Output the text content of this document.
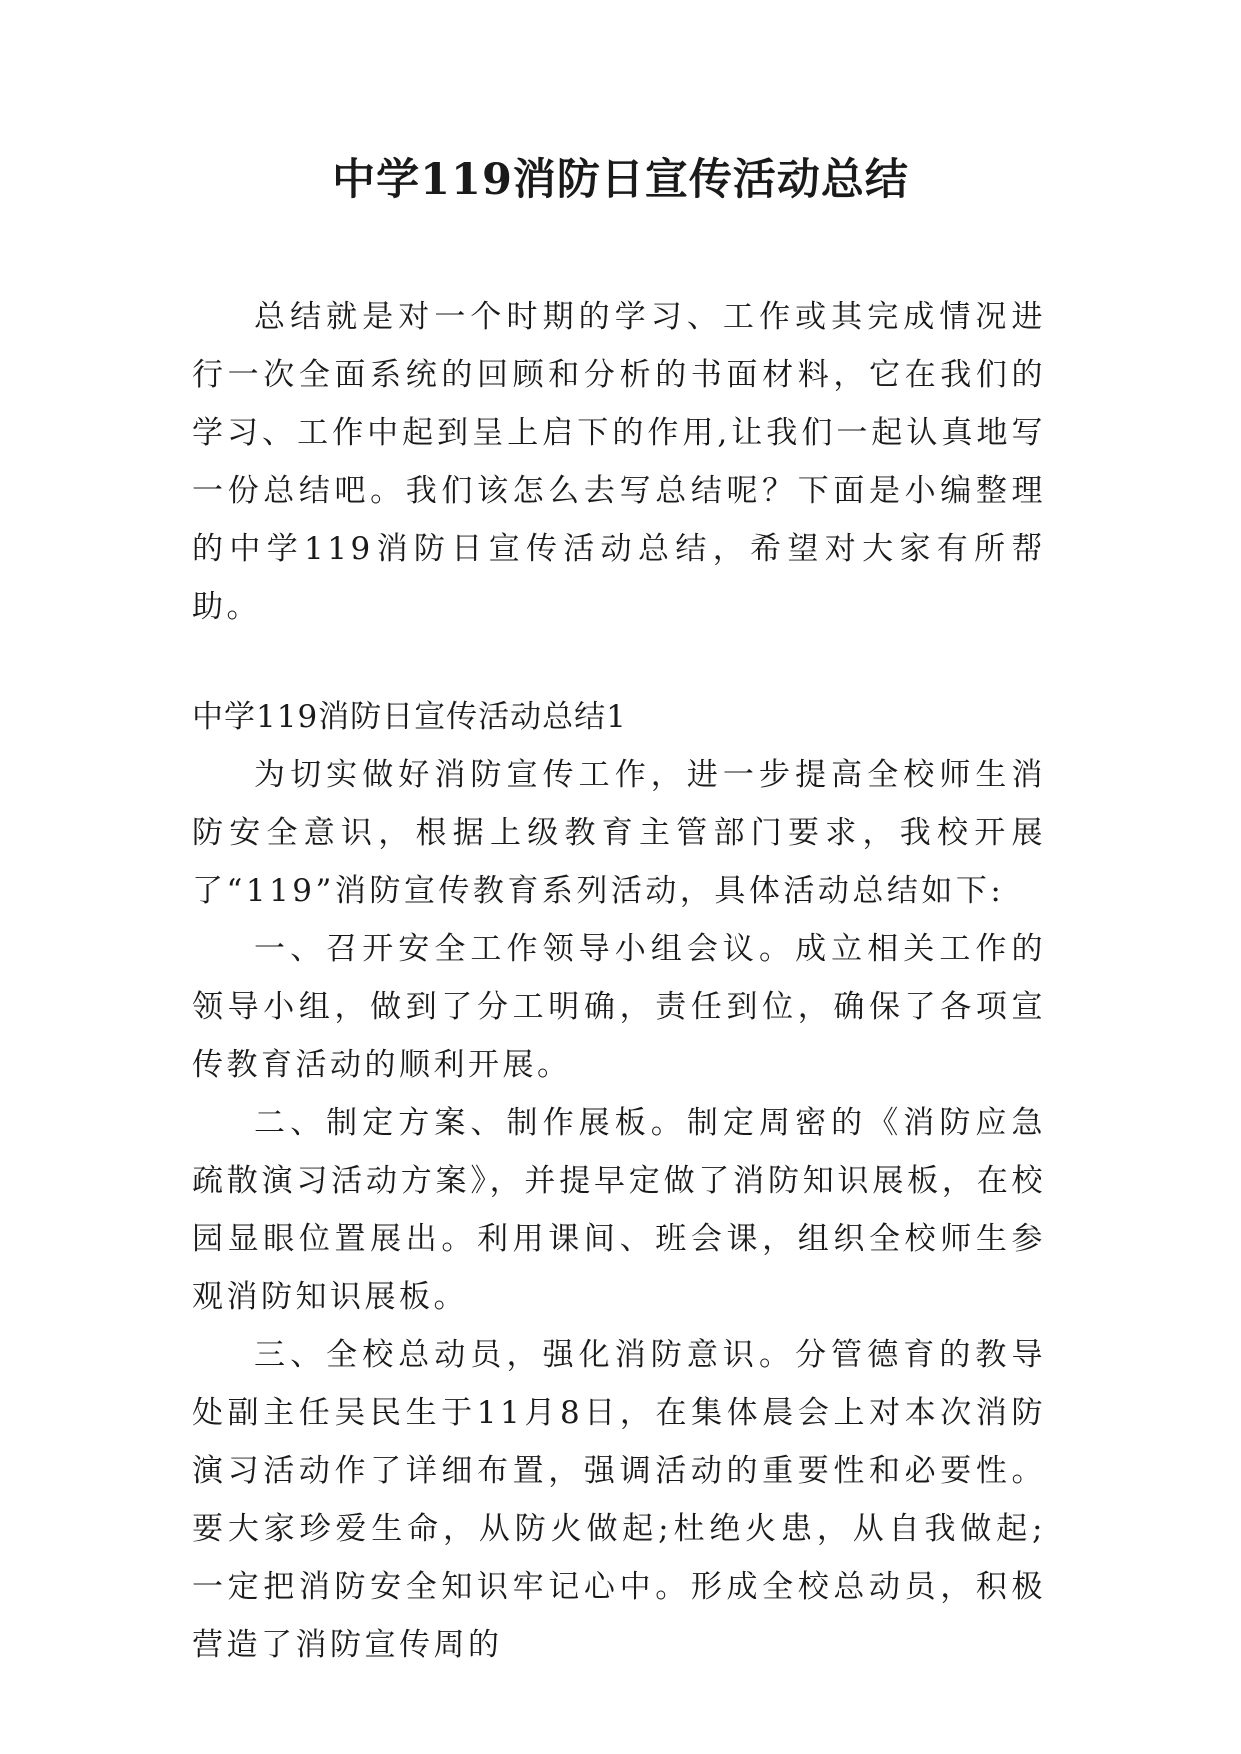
中学119消防日宣传活动总结

总结就是对一个时期的学习、工作或其完成情况进行一次全面系统的回顾和分析的书面材料，它在我们的学习、工作中起到呈上启下的作用,让我们一起认真地写一份总结吧。我们该怎么去写总结呢？下面是小编整理的中学119消防日宣传活动总结，希望对大家有所帮助。

中学119消防日宣传活动总结1

为切实做好消防宣传工作，进一步提高全校师生消防安全意识，根据上级教育主管部门要求，我校开展了“119”消防宣传教育系列活动，具体活动总结如下:

一、召开安全工作领导小组会议。成立相关工作的领导小组，做到了分工明确，责任到位，确保了各项宣传教育活动的顺利开展。

二、制定方案、制作展板。制定周密的《消防应急疏散演习活动方案》，并提早定做了消防知识展板，在校园显眼位置展出。利用课间、班会课，组织全校师生参观消防知识展板。

三、全校总动员，强化消防意识。分管德育的教导处副主任吴民生于11月8日，在集体晨会上对本次消防演习活动作了详细布置，强调活动的重要性和必要性。要大家珍爱生命，从防火做起;杜绝火患，从自我做起;一定把消防安全知识牢记心中。形成全校总动员，积极营造了消防宣传周的
